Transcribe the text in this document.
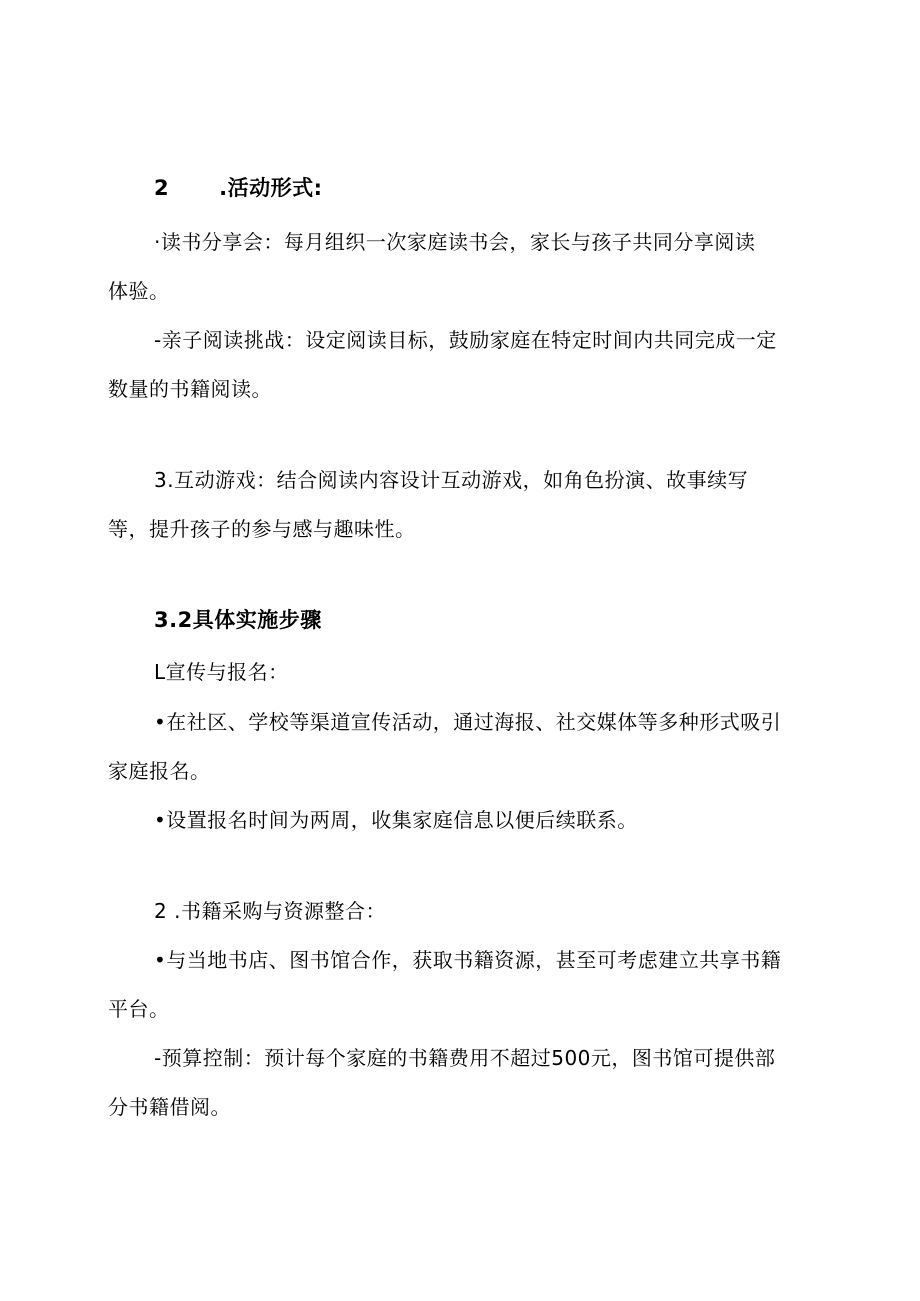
2 .活动形式:
·读书分享会：每月组织一次家庭读书会，家长与孩子共同分享阅读
体验。
-亲子阅读挑战：设定阅读目标，鼓励家庭在特定时间内共同完成一定
数量的书籍阅读。
3.互动游戏：结合阅读内容设计互动游戏，如角色扮演、故事续写
等，提升孩子的参与感与趣味性。
3.2具体实施步骤
L宣传与报名：
•在社区、学校等渠道宣传活动，通过海报、社交媒体等多种形式吸引
家庭报名。
•设置报名时间为两周，收集家庭信息以便后续联系。
2 .书籍采购与资源整合：
•与当地书店、图书馆合作，获取书籍资源，甚至可考虑建立共享书籍
平台。
-预算控制：预计每个家庭的书籍费用不超过500元，图书馆可提供部
分书籍借阅。
